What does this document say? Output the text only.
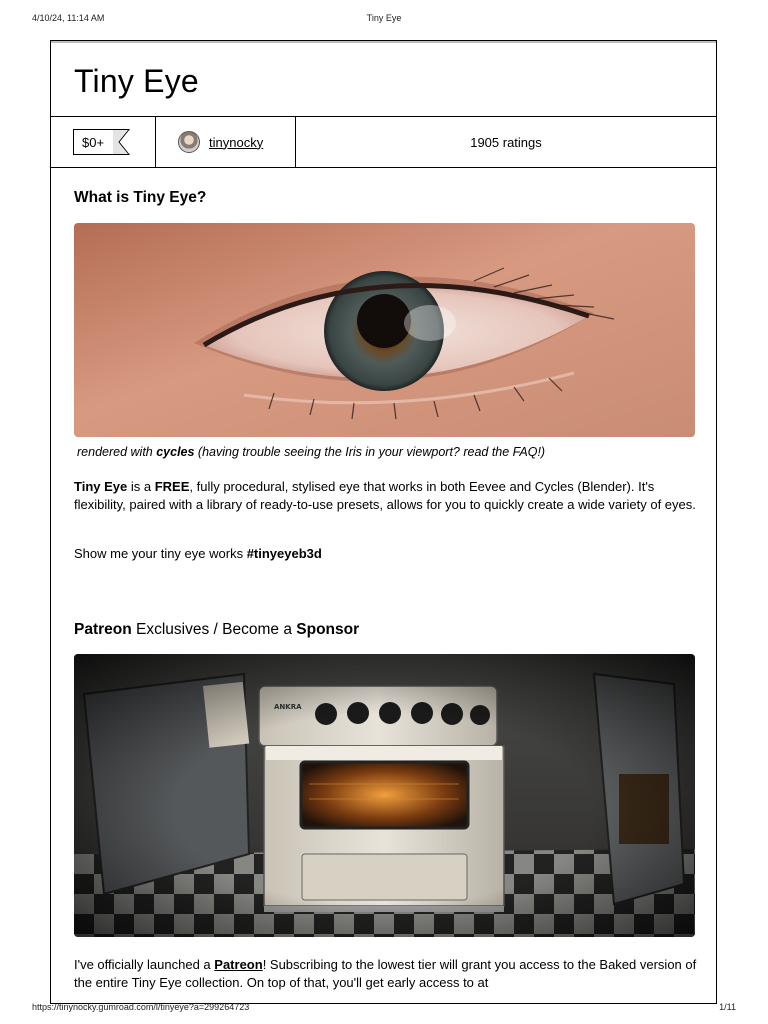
4/10/24, 11:14 AM	Tiny Eye
Tiny Eye
$0+	tinynocky	1905 ratings
What is Tiny Eye?

rendered with cycles (having trouble seeing the Iris in your viewport? read the FAQ!)

Tiny Eye is a FREE, fully procedural, stylised eye that works in both Eevee and Cycles (Blender). It's flexibility, paired with a library of ready-to-use presets, allows for you to quickly create a wide variety of eyes.

Show me your tiny eye works #tinyeyeb3d

Patreon Exclusives / Become a Sponsor

I've officially launched a Patreon! Subscribing to the lowest tier will grant you access to the Baked version of the entire Tiny Eye collection. On top of that, you'll get early access to at

https://tinynocky.gumroad.com/l/tinyeye?a=299264723	1/11
